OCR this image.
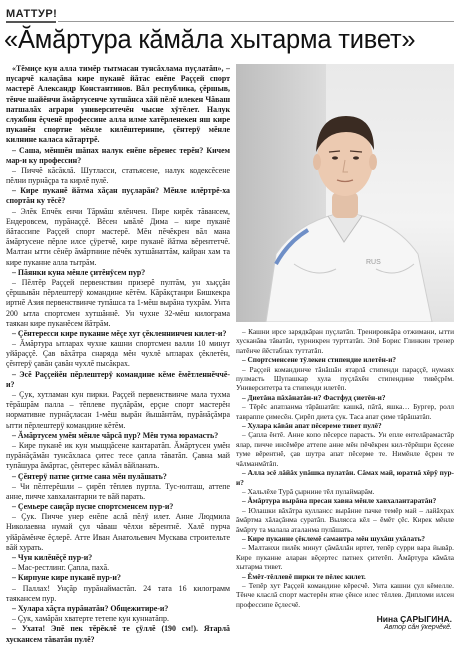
МАТТУР!
«Ăмăртура кăмăла хытарма тивет»

«Тĕмиçе кун алла тимĕр тытмасан тунсăхлама пуçлатăп», – пусарчĕ калаçăва кире пуканĕ йăтас енĕпе Раççей спорт мастерĕ Александр Константинов. Вăл республика, çĕршыв, тĕнче шайĕнчи ăмăртусенче хутшăнса хăй пĕлĕ илекен Чăваш патшалăх аграри университечĕн чысне хÿтĕлет. Налук службин ĕçченĕ профессине алла илме хатĕрленекен яш кире пуканĕн спортне мĕнле килĕштеринпе, çĕнтерÿ мĕнле килнине каласа кăтартрĕ.

– Саша, мĕншĕн шăпах налук енĕпе вĕренес терĕн? Кичем мар-и ку профессин?

– Пиччĕ кăсăклă. Шутласси, статьясене, налук кодексĕсене пĕлни пурнăçра та кирлĕ пулĕ.

– Кире пуканĕ йăтма хăçан пуçларăн? Мĕнле илĕртрĕ-ха спортăн ку тĕсĕ?

– Элĕк Епчĕк енчи Тăрмăш ялĕнчен. Пире кирĕк тăвансем, Ендеровсем, пурăнаççĕ. Вĕсен ывăлĕ Дима – кире пуканĕ йăтассипе Раççей спорт мастерĕ. Мĕн пĕчĕкрен вăл мана ăмăртусене пĕрле илсе çÿретчĕ, кире пуканĕ йăтма вĕрентетчĕ. Малтан ытти сĕнĕр ăмăртнине пĕчĕк хутшăнаттăм, кайран хам та кире пуканне алла тытрăм.

– Пăянки куна мĕнле çитĕнÿсем пур?

– Пĕлтĕр Раççей первенствин призерĕ пултăм, ун хыççăн çĕршывăн пĕрлештерÿ командине кĕтĕм. Кăрăкçтанри Бишкекра иртнĕ Азия первенствинче тупăшса та 1-мĕш вырăна тухрăм. Унта 200 ытла спортсмен хутшăннĕ. Ун чухне 32-мĕш килограма таякан кире пуканĕсем йăтрăм.

– Çĕнтересси кире пуканне мĕçе хут çĕкленнинчен килет-и?

– Ăмăртура ытларах чухне кашни спортсмен валли 10 минут уйăраççĕ. Çав вăхăтра снаряда мĕн чухлĕ ытларах çĕклетĕн, çĕнтерÿ çавăн çавăн чухлĕ пысăкрах.

– Эсĕ Раççейĕн пĕрлештерÿ командине кĕме ĕмĕтленнĕччĕ-и?

– Çук, хутламан кун пирки. Раççей первенствинче мала тухма тĕрăшрăм палла – тĕплеве пуçлăрăм, ерçне спорт мастерĕн нормативне пурнăçласан 1-мĕш вырăн йышăнтăм, пурăнăçăмра ытти пĕрлештерÿ командине кĕтĕм.

– Ăмăртусем умĕн мĕнле чăрсă пур? Мĕн тума юрамасть?

– Кире пуканĕ ик кун мыщцăсене кантаратăп. Ăмăртусен умĕн пурăнăçăмăн тунсăхласа çитес тесе çапла тăватăп. Çавна май тупăшура ăмăртас, çĕнтерес кăмăл вăйланать.

– Çĕнтерÿ патне çитме сана мĕн пулăшать?

– Чи пĕлтерĕшли – çирĕп тĕплев пуртла. Тус-юлташ, аттепе анне, пичче хавхалантарни те вăй парать.

– Çемьере санçăр пусне спортсменсем пур-и?

– Çук. Пичче унер енĕпе аслă пĕлÿ илет. Анне Людмила Николаевна нумай çул чăваш чĕлхи вĕрентнĕ. Халĕ пурча уйăрăмĕнче ĕçлерĕ. Атте Иван Анатольевич Мускава строительте вăй хурать.

– Чун килĕнĕçĕ пур-и?

– Мас-рестлинг. Çапла, пахă.

– Кирпуне кире пуканĕ пур-и?

– Паллах! Унçăр пурăнаймастăп. 24 тата 16 килограмм таякансем пур.

– Хулара хăçта пурăнатăн? Общежитире-и?

– Çук, хамăрăн хватерте тетепе кун куннатăпр.

– Ухата! Эпĕ пек тĕрĕклĕ те çÿллĕ (190 см!). Ятарлă хускансем тăватăн пулĕ?

RUS

– Кашни ирсе зарядкăран пуçлатăп. Тренировкăра отжимани, ытти хусканăва тăватăп, турникрен турттатăп. Эпĕ Борис Глинкин тренер патĕнче йĕстаблах туттатăп.

– Спортсменсене тÿлекен стипендие илетĕн-и?

– Раççей командинче тăнăшăн ятарлă стипенди параççĕ, нумаях пулмасть Шупашкар хула пуçлăхĕн стипендине тивĕçрĕм. Университетра та стипенди илетĕп.

– Диетăна пăхăнатăн-и? Фастфуд çиетĕн-и?

– Тĕрĕс апатланма тăрăшатăп: кашкă, пăтă, яшка… Бургер, ролл тавраппе çимесĕн. Çирĕп диета çук. Таса апат çиме тăрăшатăп.

– Хулара кăвăн апат пĕсереме тивет пулĕ?

– Çапла ĕнтĕ. Анне копо пĕсерсе парасть. Ун епле ентелăрамастăр ялар, пичче инсĕмĕре аттепе анне мĕн пĕчĕкрен кил-тĕрĕшри ĕçсене туме вĕрентнĕ, çав шутра апат пĕсерме те. Нимĕнле ĕçрен те чăлманмăтăп.

– Алла эсĕ лăйăх упăшка пулатăн. Сăмах май, юратнă хĕрÿ пур-и?

– Хальлĕхе Турă çырнине тĕл пулаймарăм.

– Ăмăртура вырăна пресан хавна мĕнле хавхалантаратăн?

– Юлашки вăхăтра куллансс вырăнне пачке темĕр май – лайăхрах ăмăртма хăлаçăнма суратăп. Вылясса кĕл – ĕмĕт çĕс. Кирек мĕнле ăмăрту та малала аталанма пулăшать.

– Кире пуканне çĕклемĕ самантра мĕн шухăш ухăлать?

– Малтанхи пилĕк минут çăмăллăн иртет, тепĕр сурри вара йывăр. Кире пуканне аларан вĕçертес патнех çитетĕп. Ăмăртура кăмăла хытарма тивет.

– Ĕмĕт-тĕллевĕ пирки те пĕлес килет.

– Тепĕр хут Раççей командине кĕресчĕ. Унта кашни çул кĕмелле. Тĕнче класлă спорт мастерĕн ятне çĕнсе илес тĕллев. Дипломи илсен профессипе ĕçлесчĕ.

Нина ÇАРЫГИНА.
Автор сăн ÿкерчĕкĕ.
